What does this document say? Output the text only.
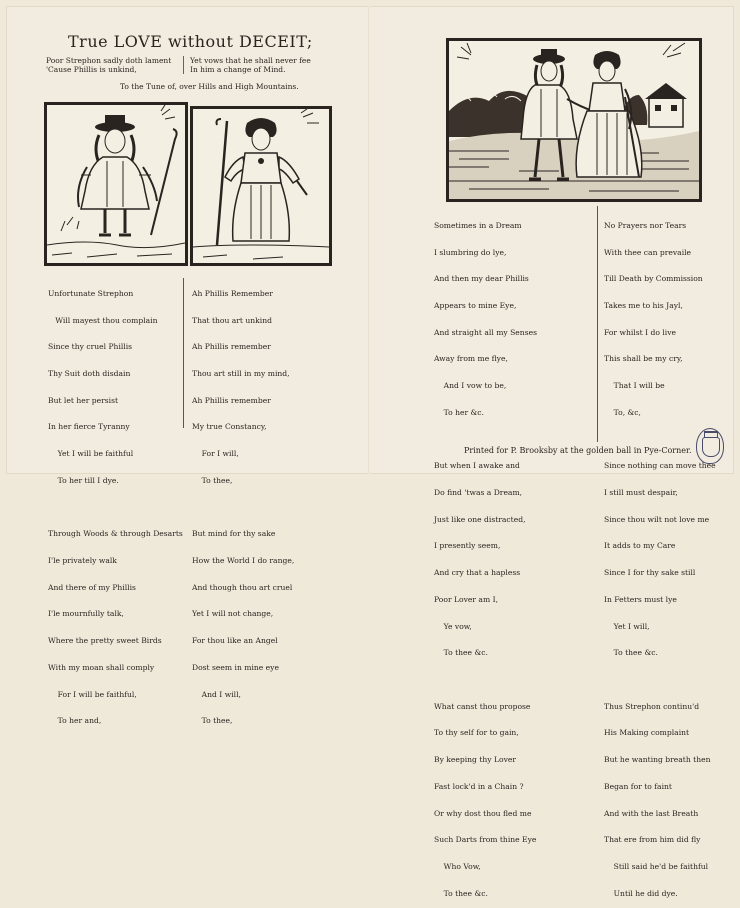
True LOVE without DECEIT;
Poor Strephon sadly doth lament
'Cause Phillis is unkind,
Yet vows that he shall never fee
In him a change of Mind.
To the Tune of, over Hills and High Mountains.

Unfortunate Strephon

Will mayest thou complain

Since thy cruel Phillis

Thy Suit doth disdain

But let her persist

In her fierce Tyranny

Yet I will be faithful

To her till I dye.

Through Woods & through Desarts

I'le privately walk

And there of my Phillis

I'le mournfully talk,

Where the pretty sweet Birds

With my moan shall comply

For I will be faithful,

To her and,

Ah Phillis Remember

That thou art unkind

Ah Phillis remember

Thou art still in my mind,

Ah Phillis remember

My true Constancy,

For I will,

To thee,

But mind for thy sake

How the World I do range,

And though thou art cruel

Yet I will not change,

For thou like an Angel

Dost seem in mine eye

And I will,

To thee,

Sometimes in a Dream

I slumbring do lye,

And then my dear Phillis

Appears to mine Eye,

And straight all my Senses

Away from me flye,

And I vow to be,

To her &c.

But when I awake and

Do find 'twas a Dream,

Just like one distracted,

I presently seem,

And cry that a hapless

Poor Lover am I,

Ye vow,

To thee &c.

What canst thou propose

To thy self for to gain,

By keeping thy Lover

Fast lock'd in a Chain ?

Or why dost thou fled me

Such Darts from thine Eye

Who Vow,

To thee &c.

No Prayers nor Tears

With thee can prevaile

Till Death by Commission

Takes me to his Jayl,

For whilst I do live

This shall be my cry,

That I will be

To, &c,

Since nothing can move thee

I still must despair,

Since thou wilt not love me

It adds to my Care

Since I for thy sake still

In Fetters must lye

Yet I will,

To thee &c.

Thus Strephon continu'd

His Making complaint

But he wanting breath then

Began for to faint

And with the last Breath

That ere from him did fly

Still said he'd be faithful

Until he did dye.

Printed for P. Brooksby at the golden ball in Pye-Corner.
